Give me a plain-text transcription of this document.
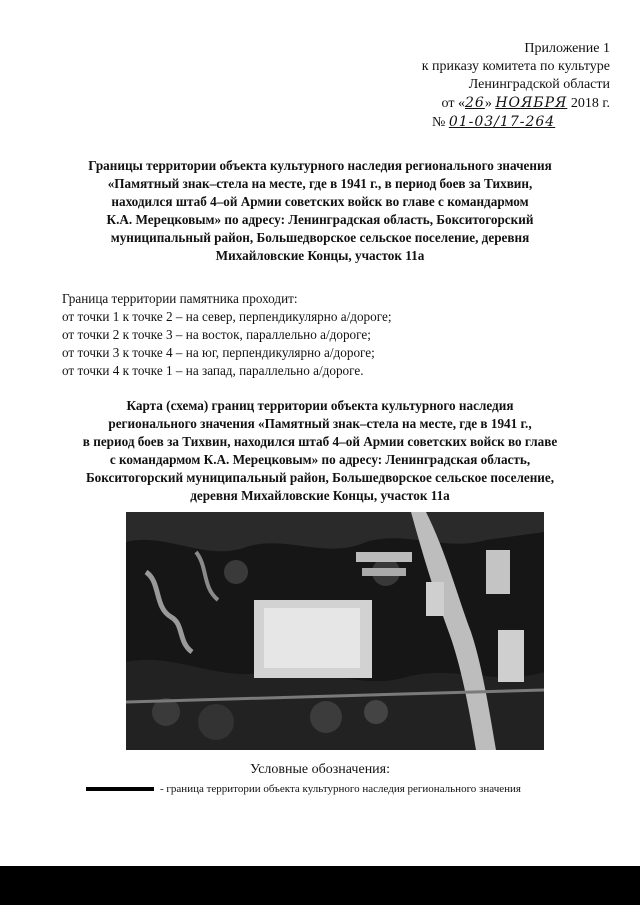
Приложение 1
к приказу комитета по культуре
Ленинградской области
от «26» НОЯБРЯ 2018 г.
№ 01-03/17-264
Границы территории объекта культурного наследия регионального значения
«Памятный знак–стела на месте, где в 1941 г., в период боев за Тихвин,
находился штаб 4–ой Армии советских войск во главе с командармом
К.А. Мерецковым» по адресу: Ленинградская область, Бокситогорский
муниципальный район, Большедворское сельское поселение, деревня
Михайловские Концы, участок 11а
Граница территории памятника проходит:
от точки 1 к точке 2 – на север, перпендикулярно а/дороге;
от точки 2 к точке 3 – на восток, параллельно а/дороге;
от точки 3 к точке 4 – на юг, перпендикулярно а/дороге;
от точки 4 к точке 1 – на запад, параллельно а/дороге.
Карта (схема) границ территории объекта культурного наследия
регионального значения «Памятный знак–стела на месте, где в 1941 г.,
в период боев за Тихвин, находился штаб 4–ой Армии советских войск во главе
с командармом К.А. Мерецковым» по адресу: Ленинградская область,
Бокситогорский муниципальный район, Большедворское сельское поселение,
деревня Михайловские Концы, участок 11а
Условные обозначения:
- граница территории объекта культурного наследия регионального значения
